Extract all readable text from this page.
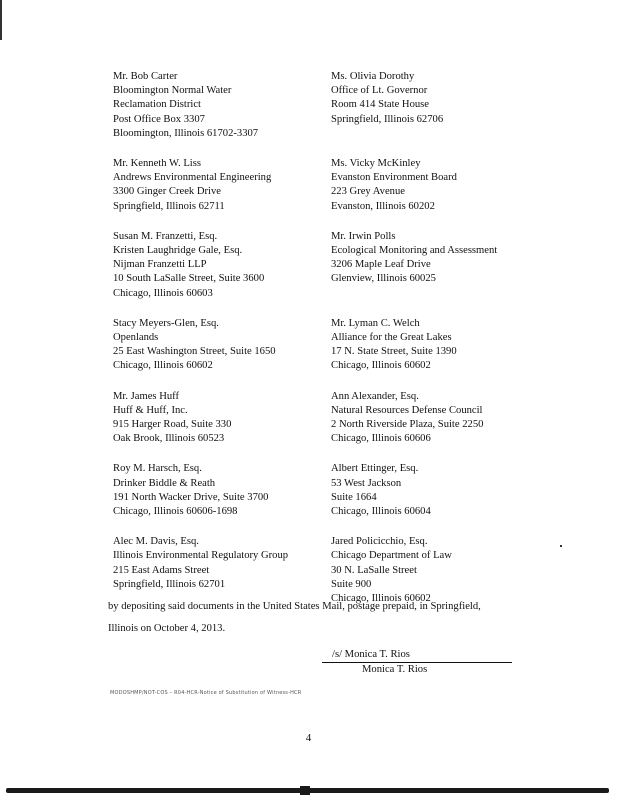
Mr. Bob Carter
Bloomington Normal Water
Reclamation District
Post Office Box 3307
Bloomington, Illinois 61702-3307
Ms. Olivia Dorothy
Office of Lt. Governor
Room 414 State House
Springfield, Illinois 62706
Mr. Kenneth W. Liss
Andrews Environmental Engineering
3300 Ginger Creek Drive
Springfield, Illinois 62711
Ms. Vicky McKinley
Evanston Environment Board
223 Grey Avenue
Evanston, Illinois 60202
Susan M. Franzetti, Esq.
Kristen Laughridge Gale, Esq.
Nijman Franzetti LLP
10 South LaSalle Street, Suite 3600
Chicago, Illinois 60603
Mr. Irwin Polls
Ecological Monitoring and Assessment
3206 Maple Leaf Drive
Glenview, Illinois 60025
Stacy Meyers-Glen, Esq.
Openlands
25 East Washington Street, Suite 1650
Chicago, Illinois 60602
Mr. Lyman C. Welch
Alliance for the Great Lakes
17 N. State Street, Suite 1390
Chicago, Illinois 60602
Mr. James Huff
Huff & Huff, Inc.
915 Harger Road, Suite 330
Oak Brook, Illinois 60523
Ann Alexander, Esq.
Natural Resources Defense Council
2 North Riverside Plaza, Suite 2250
Chicago, Illinois 60606
Roy M. Harsch, Esq.
Drinker Biddle & Reath
191 North Wacker Drive, Suite 3700
Chicago, Illinois 60606-1698
Albert Ettinger, Esq.
53 West Jackson
Suite 1664
Chicago, Illinois 60604
Alec M. Davis, Esq.
Illinois Environmental Regulatory Group
215 East Adams Street
Springfield, Illinois 62701
Jared Policicchio, Esq.
Chicago Department of Law
30 N. LaSalle Street
Suite 900
Chicago, Illinois 60602
by depositing said documents in the United States Mail, postage prepaid, in Springfield,
Illinois on October 4, 2013.
/s/ Monica T. Rios
Monica T. Rios
MODOSHMP/NOT-COS – R04-HCR-Notice of Substitution of Witness-HCR
4
